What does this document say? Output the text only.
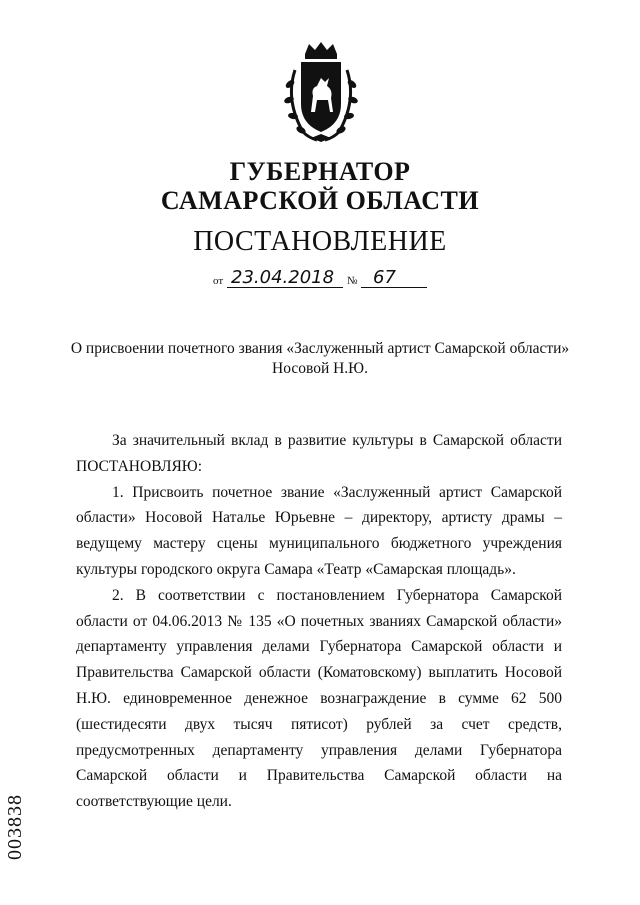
ГУБЕРНАТОР
САМАРСКОЙ ОБЛАСТИ
ПОСТАНОВЛЕНИЕ
от 23.04.2018 № 67
О присвоении почетного звания «Заслуженный артист Самарской области»
Носовой Н.Ю.

За значительный вклад в развитие культуры в Самарской области ПОСТАНОВЛЯЮ:

1. Присвоить почетное звание «Заслуженный артист Самарской области» Носовой Наталье Юрьевне – директору, артисту драмы – ведущему мастеру сцены муниципального бюджетного учреждения культуры городского округа Самара «Театр «Самарская площадь».

2. В соответствии с постановлением Губернатора Самарской области от 04.06.2013 № 135 «О почетных званиях Самарской области» департаменту управления делами Губернатора Самарской области и Правительства Самарской области (Коматовскому) выплатить Носовой Н.Ю. единовременное денежное вознаграждение в сумме 62 500 (шестидесяти двух тысяч пятисот) рублей за счет средств, предусмотренных департаменту управления делами Губернатора Самарской области и Правительства Самарской области на соответствующие цели.

003838
